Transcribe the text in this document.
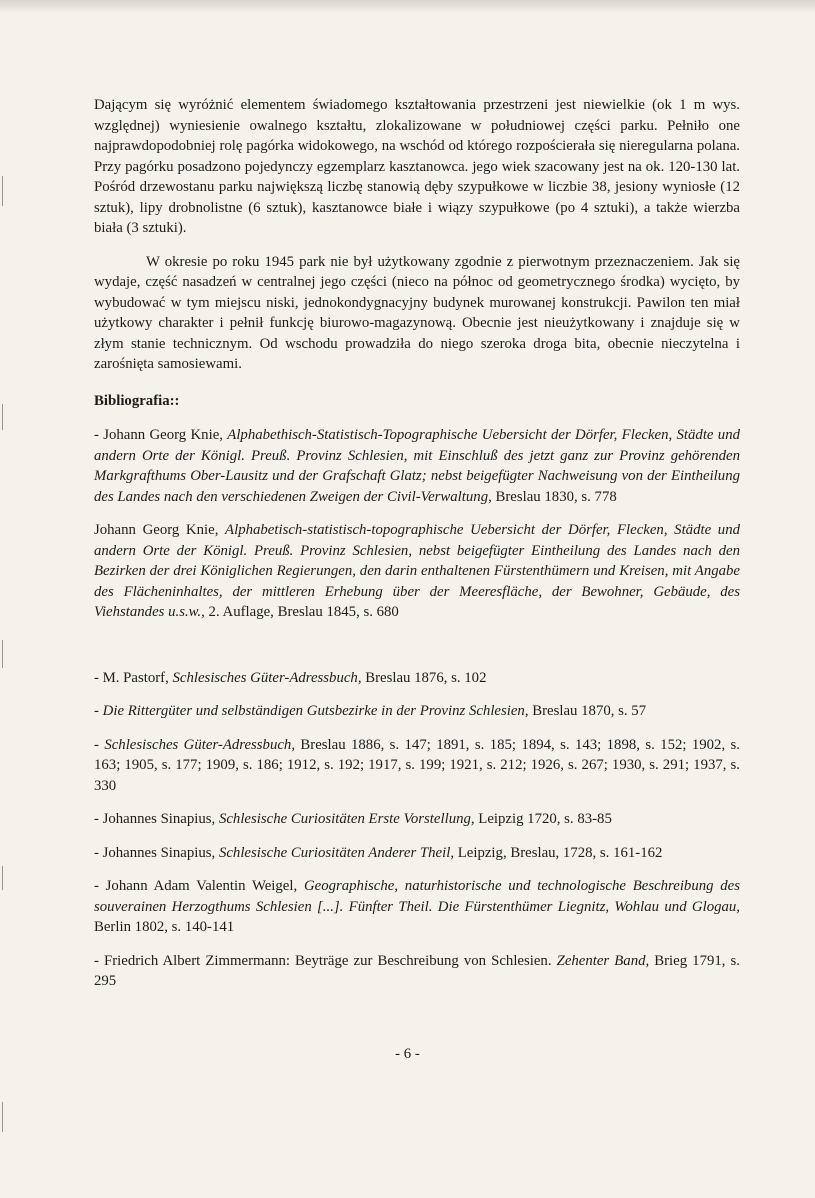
Dającym się wyróżnić elementem świadomego kształtowania przestrzeni jest niewielkie (ok 1 m wys. względnej) wyniesienie owalnego kształtu, zlokalizowane w południowej części parku. Pełniło one najprawdopodobniej rolę pagórka widokowego, na wschód od którego rozpościerała się nieregularna polana. Przy pagórku posadzono pojedynczy egzemplarz kasztanowca. jego wiek szacowany jest na ok. 120-130 lat. Pośród drzewostanu parku największą liczbę stanowią dęby szypułkowe w liczbie 38, jesiony wyniosłe (12 sztuk), lipy drobnolistne (6 sztuk), kasztanowce białe i wiązy szypułkowe (po 4 sztuki), a także wierzba biała (3 sztuki).

W okresie po roku 1945 park nie był użytkowany zgodnie z pierwotnym przeznaczeniem. Jak się wydaje, część nasadzeń w centralnej jego części (nieco na północ od geometrycznego środka) wycięto, by wybudować w tym miejscu niski, jednokondygnacyjny budynek murowanej konstrukcji. Pawilon ten miał użytkowy charakter i pełnił funkcję biurowo-magazynową. Obecnie jest nieużytkowany i znajduje się w złym stanie technicznym. Od wschodu prowadziła do niego szeroka droga bita, obecnie nieczytelna i zarośnięta samosiewami.

Bibliografia::

- Johann Georg Knie, Alphabethisch-Statistisch-Topographische Uebersicht der Dörfer, Flecken, Städte und andern Orte der Königl. Preuß. Provinz Schlesien, mit Einschluß des jetzt ganz zur Provinz gehörenden Markgrafthums Ober-Lausitz und der Grafschaft Glatz; nebst beigefügter Nachweisung von der Eintheilung des Landes nach den verschiedenen Zweigen der Civil-Verwaltung, Breslau 1830, s. 778

Johann Georg Knie, Alphabetisch-statistisch-topographische Uebersicht der Dörfer, Flecken, Städte und andern Orte der Königl. Preuß. Provinz Schlesien, nebst beigefügter Eintheilung des Landes nach den Bezirken der drei Königlichen Regierungen, den darin enthaltenen Fürstenthümern und Kreisen, mit Angabe des Flächeninhaltes, der mittleren Erhebung über der Meeresfläche, der Bewohner, Gebäude, des Viehstandes u.s.w., 2. Auflage, Breslau 1845, s. 680

- M. Pastorf, Schlesisches Güter-Adressbuch, Breslau 1876, s. 102

- Die Rittergüter und selbständigen Gutsbezirke in der Provinz Schlesien, Breslau 1870, s. 57

- Schlesisches Güter-Adressbuch, Breslau 1886, s. 147; 1891, s. 185; 1894, s. 143; 1898, s. 152; 1902, s. 163; 1905, s. 177; 1909, s. 186; 1912, s. 192; 1917, s. 199; 1921, s. 212; 1926, s. 267; 1930, s. 291; 1937, s. 330

- Johannes Sinapius, Schlesische Curiositäten Erste Vorstellung, Leipzig 1720, s. 83-85

- Johannes Sinapius, Schlesische Curiositäten Anderer Theil, Leipzig, Breslau, 1728, s. 161-162

- Johann Adam Valentin Weigel, Geographische, naturhistorische und technologische Beschreibung des souverainen Herzogthums Schlesien [...]. Fünfter Theil. Die Fürstenthümer Liegnitz, Wohlau und Glogau, Berlin 1802, s. 140-141

- Friedrich Albert Zimmermann: Beyträge zur Beschreibung von Schlesien. Zehenter Band, Brieg 1791, s. 295

- 6 -
